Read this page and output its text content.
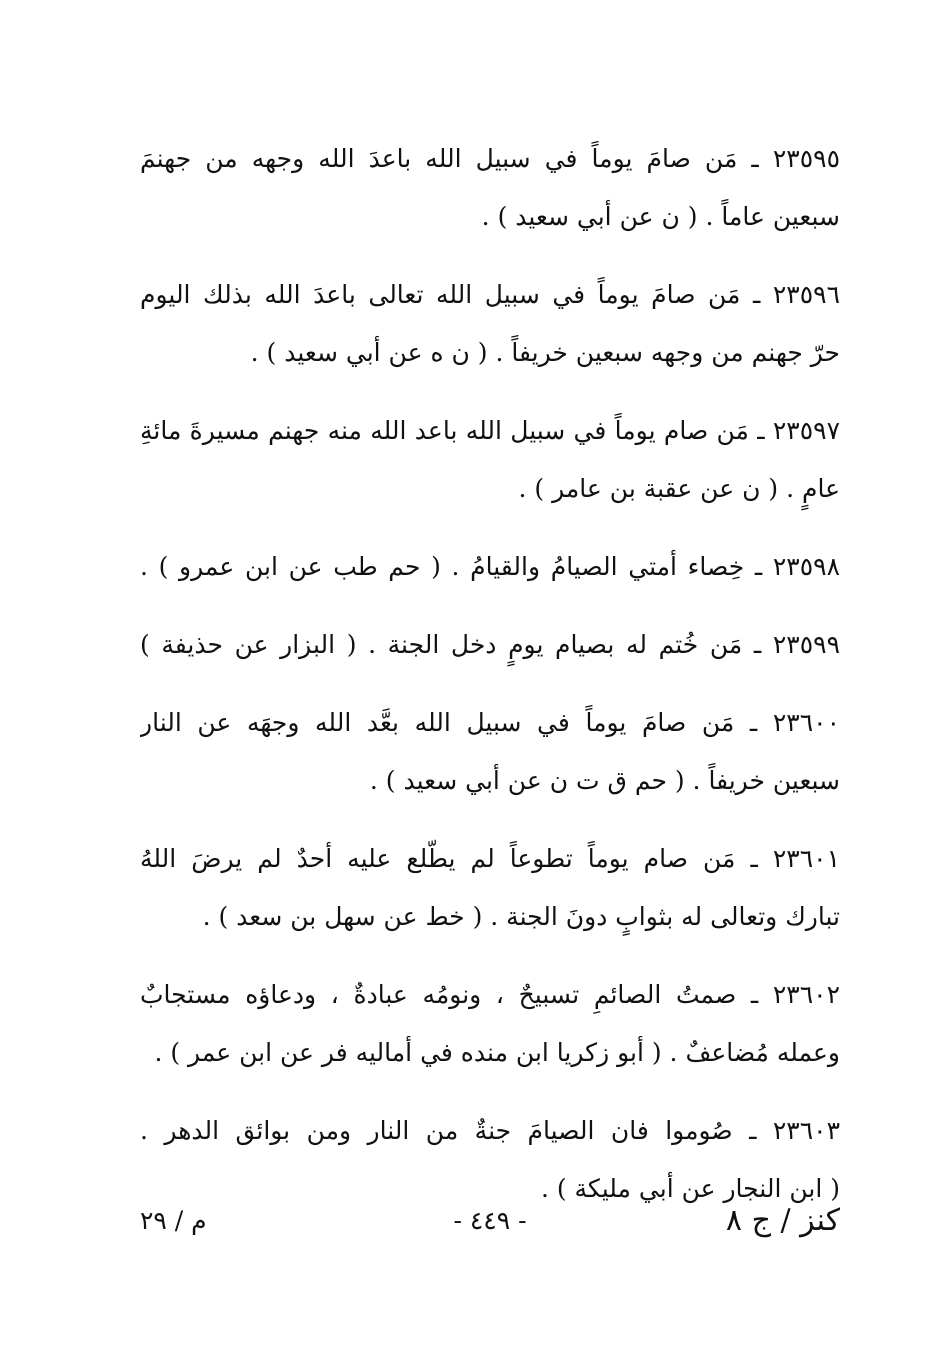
٢٣٥٩٥ ـ مَن صامَ يوماً في سبيل الله باعدَ الله وجهه من جهنمَ
سبعين عاماً . ( ن عن أبي سعيد ) .
٢٣٥٩٦ ـ مَن صامَ يوماً في سبيل الله تعالى باعدَ الله بذلك اليوم
حرّ جهنم من وجهه سبعين خريفاً . ( ن ه عن أبي سعيد ) .
٢٣٥٩٧ ـ مَن صام يوماً في سبيل الله باعد الله منه جهنم مسيرةَ مائةِ
عامٍ . ( ن عن عقبة بن عامر ) .
٢٣٥٩٨ ـ خِصاء أمتي الصيامُ والقيامُ . ( حم طب عن ابن عمرو ) .
٢٣٥٩٩ ـ مَن خُتم له بصيام يومٍ دخل الجنة . ( البزار عن حذيفة )
٢٣٦٠٠ ـ مَن صامَ يوماً في سبيل الله بعَّد الله وجهَه عن النار
سبعين خريفاً . ( حم ق ت ن عن أبي سعيد ) .
٢٣٦٠١ ـ مَن صام يوماً تطوعاً لم يطّلع عليه أحدٌ لم يرضَ اللهُ
تبارك وتعالى له بثوابٍ دونَ الجنة . ( خط عن سهل بن سعد ) .
٢٣٦٠٢ ـ صمتُ الصائمِ تسبيحٌ ، ونومُه عبادةٌ ، ودعاؤه مستجابٌ
وعمله مُضاعفٌ . ( أبو زكريا ابن منده في أماليه فر عن ابن عمر ) .
٢٣٦٠٣ ـ صُوموا فان الصيامَ جنةٌ من النار ومن بوائق الدهر .
( ابن النجار عن أبي مليكة ) .
كنز / ج ٨
- ٤٤٩ -
م / ٢٩
